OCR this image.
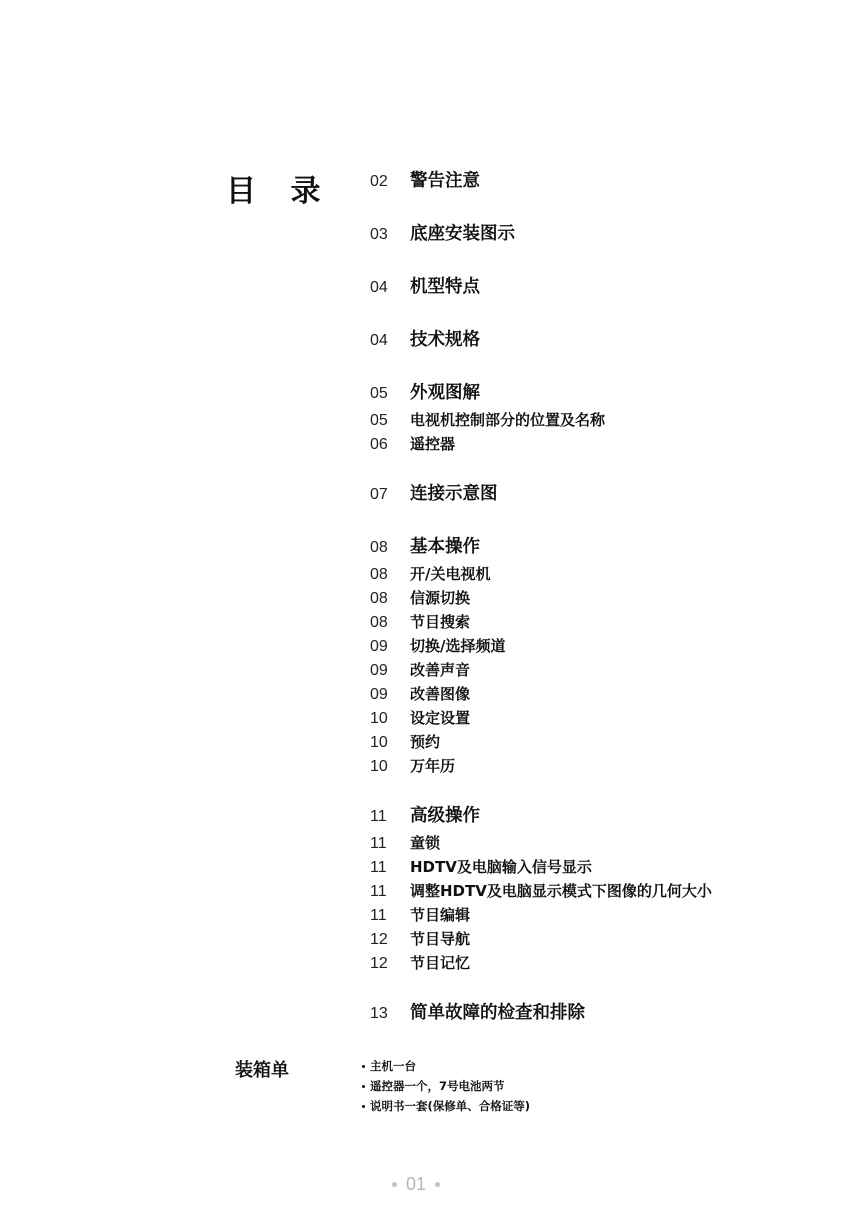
目 录 02	警告注意
03	底座安装图示
04	机型特点
04	技术规格
05	外观图解
05	电视机控制部分的位置及名称
06	遥控器
07	连接示意图
08	基本操作
08	开/关电视机
08	信源切换
08	节目搜索
09	切换/选择频道
09	改善声音
09	改善图像
10	设定设置
10	预约
10	万年历
11	高级操作
11	童锁
11	HDTV及电脑输入信号显示
11	调整HDTV及电脑显示模式下图像的几何大小
11	节目编辑
12	节目导航
12	节目记忆
13	简单故障的检查和排除
装箱单	主机一台
遥控器一个，7号电池两节
说明书一套(保修单、合格证等)
01
